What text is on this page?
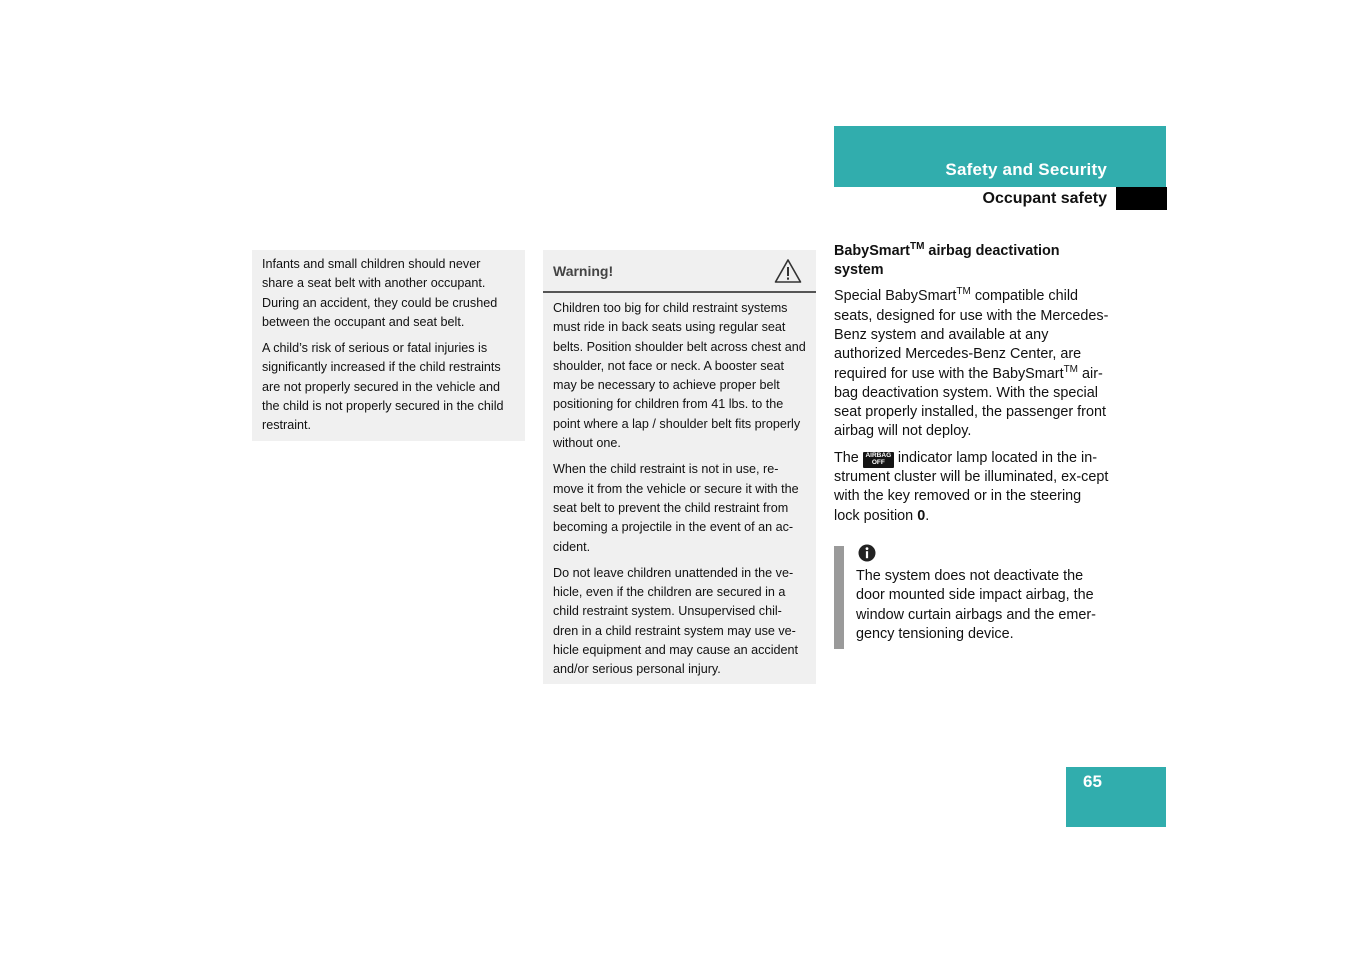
Safety and Security
Occupant safety

Infants and small children should never share a seat belt with another occupant. During an accident, they could be crushed between the occupant and seat belt.

A child’s risk of serious or fatal injuries is significantly increased if the child restraints are not properly secured in the vehicle and the child is not properly secured in the child restraint.

Warning!

Children too big for child restraint systems must ride in back seats using regular seat belts. Position shoulder belt across chest and shoulder, not face or neck. A booster seat may be necessary to achieve proper belt positioning for children from 41 lbs. to the point where a lap / shoulder belt fits properly without one.

When the child restraint is not in use, re-move it from the vehicle or secure it with the seat belt to prevent the child restraint from becoming a projectile in the event of an ac-cident.

Do not leave children unattended in the ve-hicle, even if the children are secured in a child restraint system. Unsupervised chil-dren in a child restraint system may use ve-hicle equipment and may cause an accident and/or serious personal injury.

BabySmart™ airbag deactivation system

Special BabySmart™ compatible child seats, designed for use with the Mercedes-Benz system and available at any authorized Mercedes-Benz Center, are required for use with the BabySmart™ air-bag deactivation system. With the special seat properly installed, the passenger front airbag will not deploy.

The	AIRBAG
OFF indicator lamp located in the in-strument cluster will be illuminated, ex-cept with the key removed or in the steering lock position 0.

The system does not deactivate the door mounted side impact airbag, the window curtain airbags and the emer-gency tensioning device.

65
